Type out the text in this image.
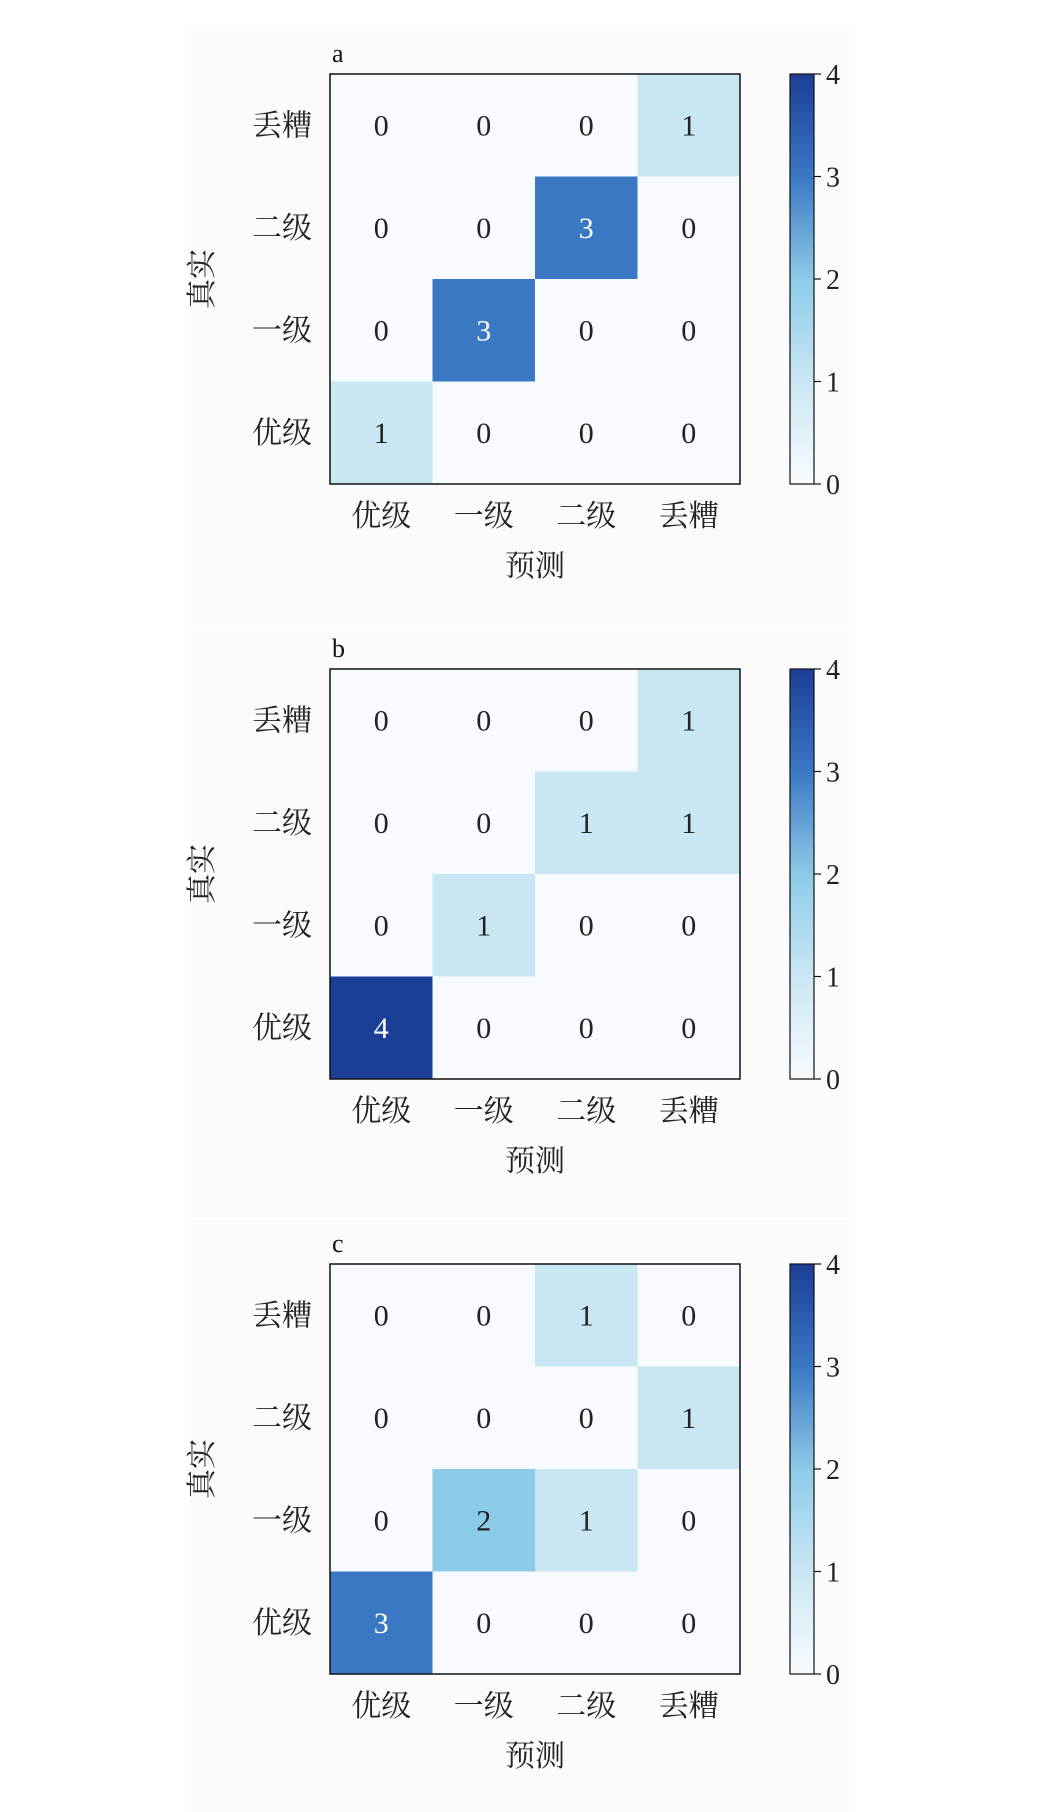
a
0	0	0	1
0	0	3	0
0	3	0	0
1	0	0	0
优级 一级 二级 丢糟
丢糟
二级
一级
优级
预测
真实
0
1
2
3
4
b
0	0	0	1
0	0	1	1
0	1	0	0
4	0	0	0
优级 一级 二级 丢糟
丢糟
二级
一级
优级
预测
真实
0
1
2
3
4
c
0	0	1	0
0	0	0	1
0	2	1	0
3	0	0	0
优级 一级 二级 丢糟
丢糟
二级
一级
优级
预测
真实
0
1
2
3
4
